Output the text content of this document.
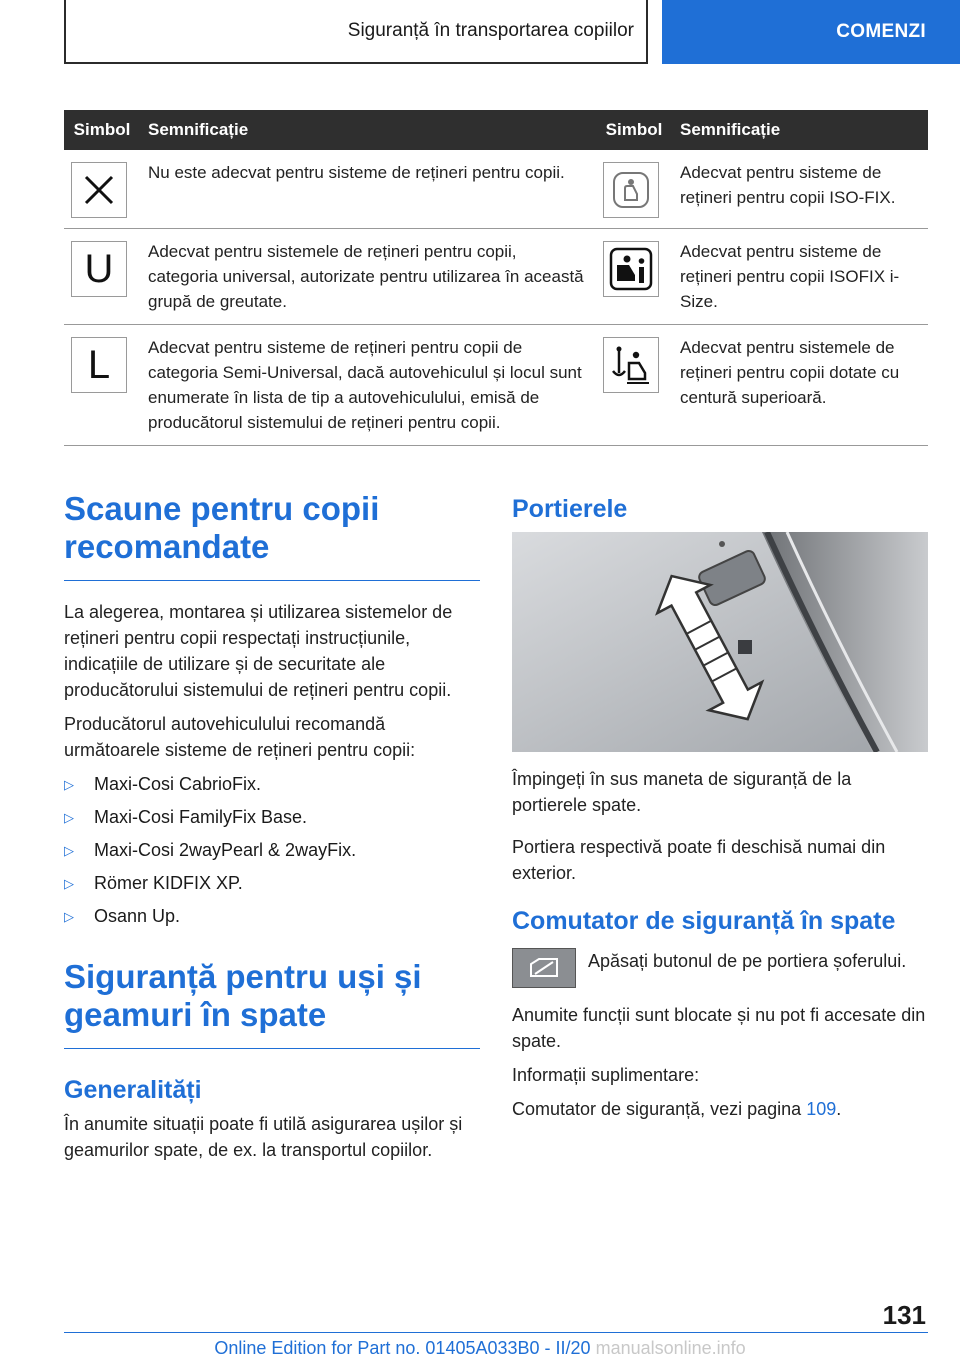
Siguranță în transportarea copiilor	COMENZI
Simbol	Semnificație	Simbol	Semnificație

	Nu este adecvat pentru sisteme de rețineri pentru copii.		Adecvat pentru sisteme de rețineri pentru copii ISO-FIX.

U	Adecvat pentru sistemele de rețineri pentru copii, categoria universal, autorizate pentru utilizarea în această grupă de greutate.		Adecvat pentru sisteme de rețineri pentru copii ISOFIX i-Size.

L	Adecvat pentru sisteme de rețineri pentru copii de categoria Semi-Universal, dacă autovehiculul și locul sunt enumerate în lista de tip a autovehiculului, emisă de producătorul sistemului de rețineri pentru copii.		Adecvat pentru sistemele de rețineri pentru copii dotate cu centură superioară.
Scaune pentru copii recomandate

La alegerea, montarea și utilizarea sistemelor de rețineri pentru copii respectați instrucțiunile, indicațiile de utilizare și de securitate ale producătorului sistemului de rețineri pentru copii.

Producătorul autovehiculului recomandă următoarele sisteme de rețineri pentru copii:

▷	Maxi-Cosi CabrioFix.
▷	Maxi-Cosi FamilyFix Base.
▷	Maxi-Cosi 2wayPearl & 2wayFix.
▷	Römer KIDFIX XP.
▷	Osann Up.
Siguranță pentru uși și geamuri în spate
Generalități

În anumite situații poate fi utilă asigurarea ușilor și geamurilor spate, de ex. la transportul copiilor.

Portierele

Împingeți în sus maneta de siguranță de la portierele spate.

Portiera respectivă poate fi deschisă numai din exterior.

Comutator de siguranță în spate

Apăsați butonul de pe portiera șoferului.

Anumite funcții sunt blocate și nu pot fi accesate din spate.

Informații suplimentare:

Comutator de siguranță, vezi pagina 109.

131
Online Edition for Part no. 01405A033B0 - II/20 manualsonline.info
